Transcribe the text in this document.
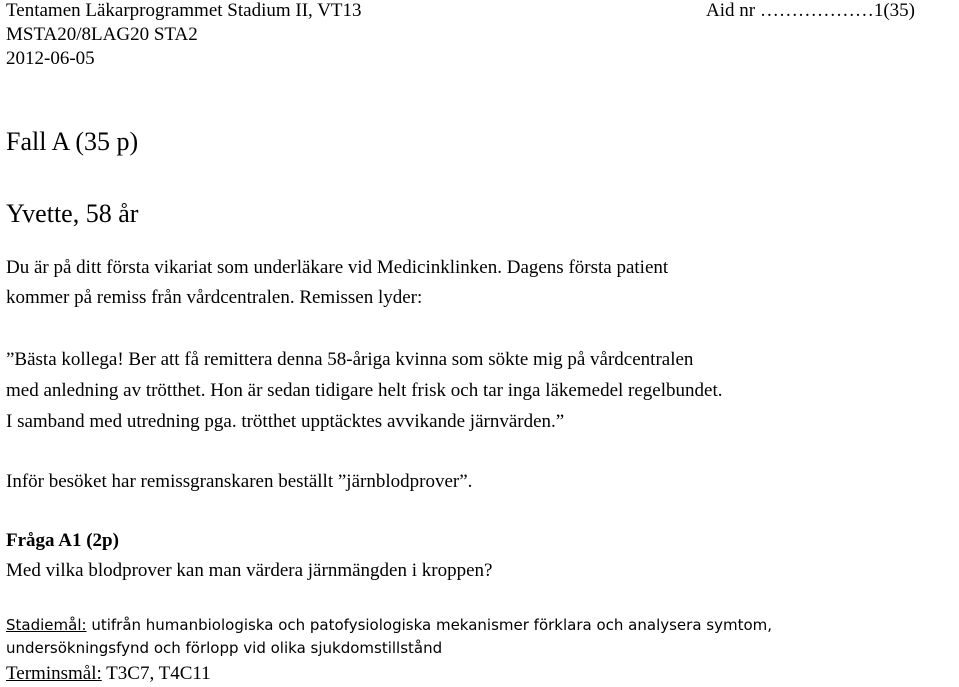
Tentamen Läkarprogrammet Stadium II, VT13	Aid nr ………………1(35)
MSTA20/8LAG20 STA2
2012-06-05
Fall A (35 p)
Yvette, 58 år
Du är på ditt första vikariat som underläkare vid Medicinklinken. Dagens första patient
kommer på remiss från vårdcentralen. Remissen lyder:
”Bästa kollega! Ber att få remittera denna 58-åriga kvinna som sökte mig på vårdcentralen
med anledning av trötthet. Hon är sedan tidigare helt frisk och tar inga läkemedel regelbundet.
I samband med utredning pga. trötthet upptäcktes avvikande järnvärden.”
Inför besöket har remissgranskaren beställt ”järnblodprover”.
Fråga A1 (2p)
Med vilka blodprover kan man värdera järnmängden i kroppen?
Stadiemål: utifrån humanbiologiska och patofysiologiska mekanismer förklara och analysera symtom,
undersökningsfynd och förlopp vid olika sjukdomstillstånd
Terminsmål: T3C7, T4C11
